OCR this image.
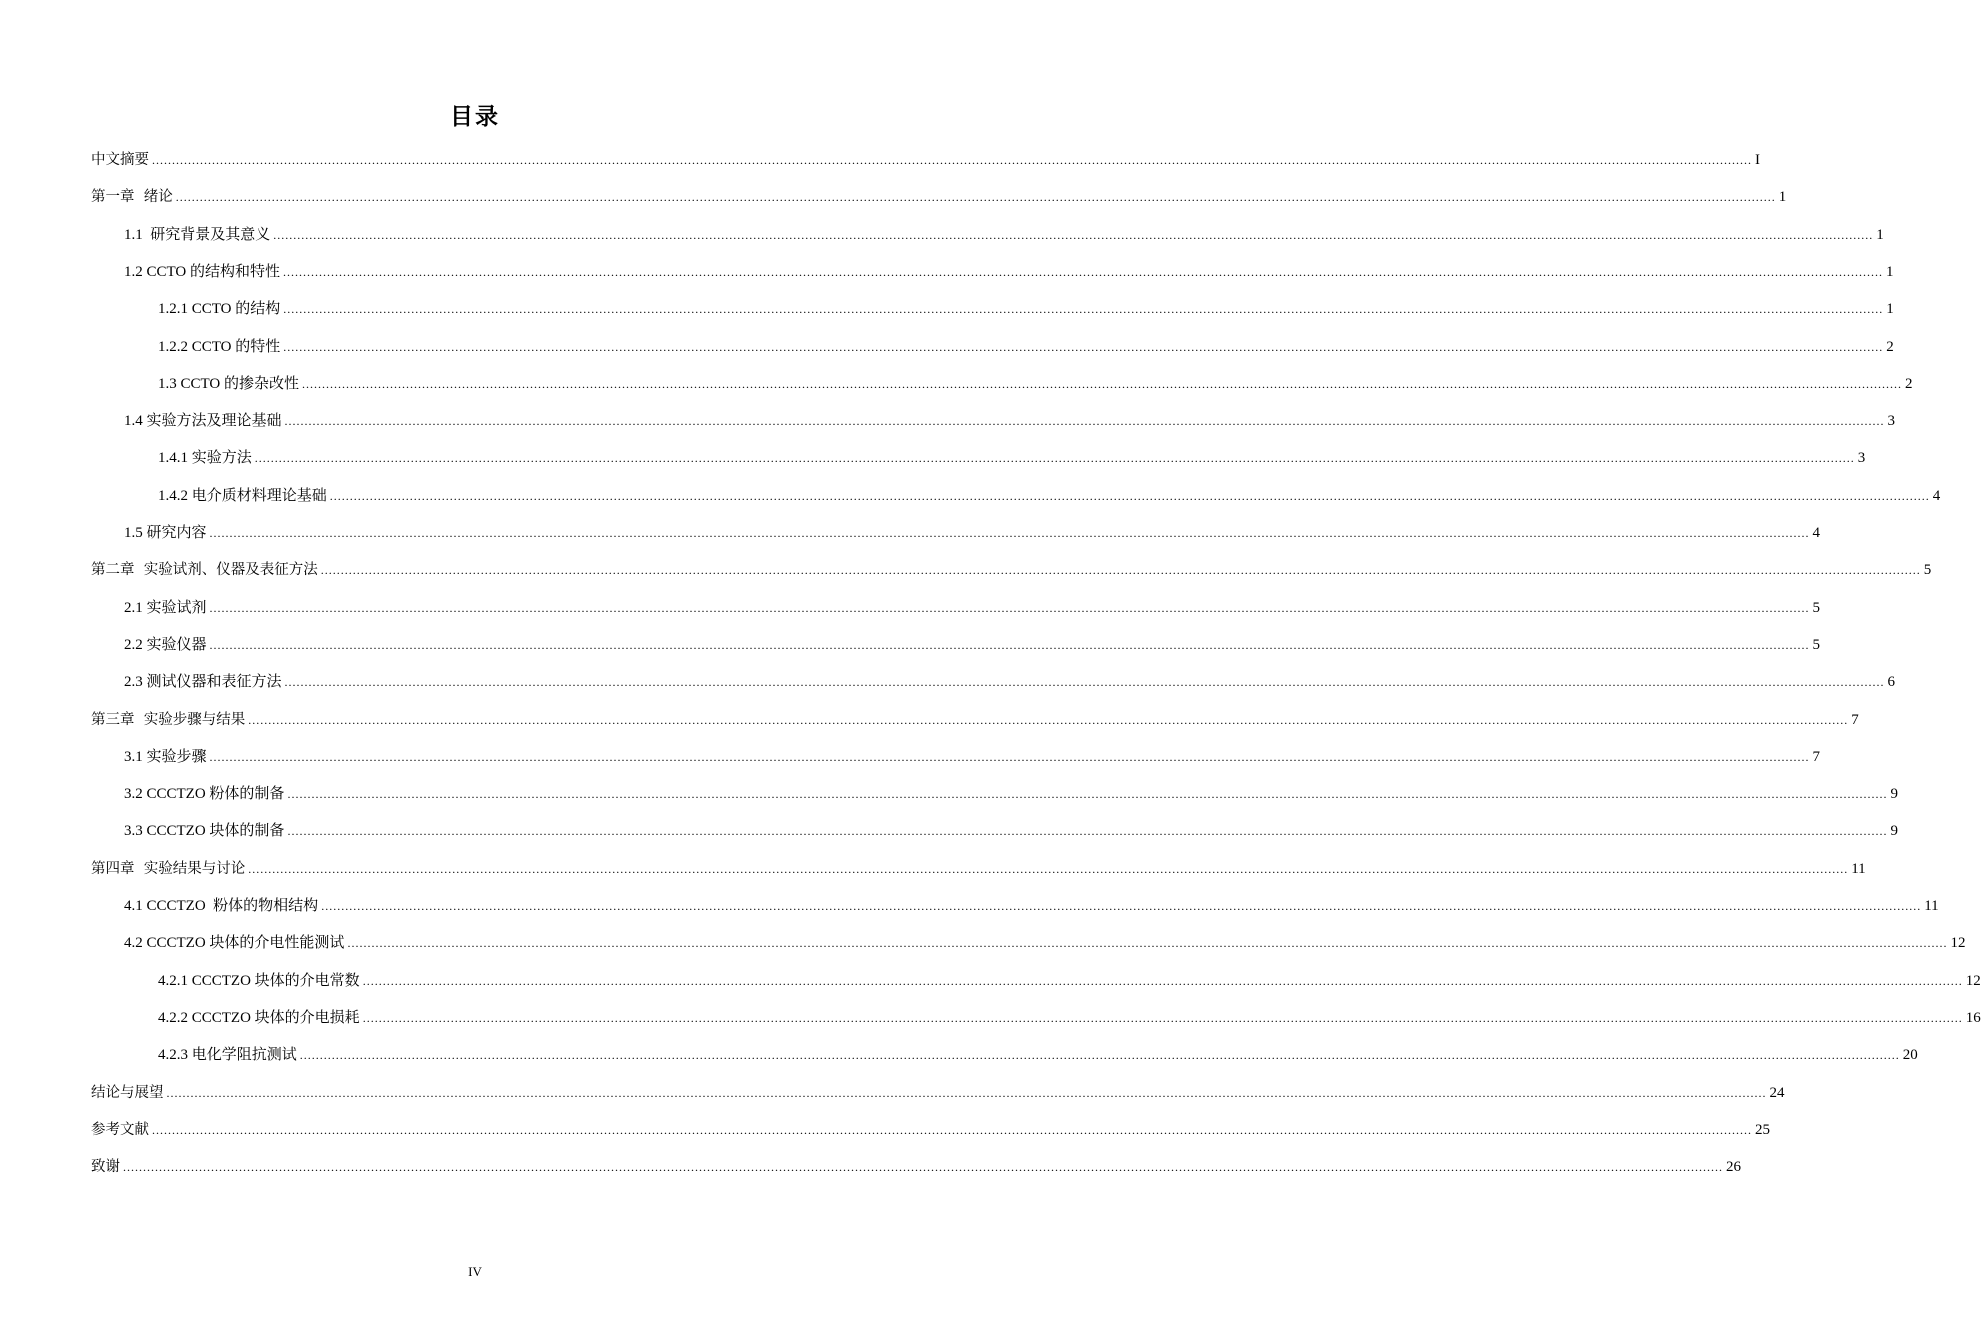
目录
中文摘要 ................................................................................................................................................................................................................................................................................................................................................................................................................ I
第一章  绪论 ................................................................................................................................................................................................................................................................................................................................................................................................................ 1
1.1  研究背景及其意义 ................................................................................................................................................................................................................................................................................................................................................................................................................ 1
1.2 CCTO 的结构和特性 ................................................................................................................................................................................................................................................................................................................................................................................................................ 1
1.2.1 CCTO 的结构 ................................................................................................................................................................................................................................................................................................................................................................................................................ 1
1.2.2 CCTO 的特性 ................................................................................................................................................................................................................................................................................................................................................................................................................ 2
1.3 CCTO 的掺杂改性 ................................................................................................................................................................................................................................................................................................................................................................................................................ 2
1.4 实验方法及理论基础 ................................................................................................................................................................................................................................................................................................................................................................................................................ 3
1.4.1 实验方法 ................................................................................................................................................................................................................................................................................................................................................................................................................ 3
1.4.2 电介质材料理论基础 ................................................................................................................................................................................................................................................................................................................................................................................................................ 4
1.5 研究内容 ................................................................................................................................................................................................................................................................................................................................................................................................................ 4
第二章  实验试剂、仪器及表征方法 ................................................................................................................................................................................................................................................................................................................................................................................................................ 5
2.1 实验试剂 ................................................................................................................................................................................................................................................................................................................................................................................................................ 5
2.2 实验仪器 ................................................................................................................................................................................................................................................................................................................................................................................................................ 5
2.3 测试仪器和表征方法 ................................................................................................................................................................................................................................................................................................................................................................................................................ 6
第三章  实验步骤与结果 ................................................................................................................................................................................................................................................................................................................................................................................................................ 7
3.1 实验步骤 ................................................................................................................................................................................................................................................................................................................................................................................................................ 7
3.2 CCCTZO 粉体的制备 ................................................................................................................................................................................................................................................................................................................................................................................................................ 9
3.3 CCCTZO 块体的制备 ................................................................................................................................................................................................................................................................................................................................................................................................................ 9
第四章  实验结果与讨论 ................................................................................................................................................................................................................................................................................................................................................................................................................ 11
4.1 CCCTZO  粉体的物相结构 ................................................................................................................................................................................................................................................................................................................................................................................................................ 11
4.2 CCCTZO 块体的介电性能测试 ................................................................................................................................................................................................................................................................................................................................................................................................................ 12
4.2.1 CCCTZO 块体的介电常数 ................................................................................................................................................................................................................................................................................................................................................................................................................ 12
4.2.2 CCCTZO 块体的介电损耗 ................................................................................................................................................................................................................................................................................................................................................................................................................ 16
4.2.3 电化学阻抗测试 ................................................................................................................................................................................................................................................................................................................................................................................................................ 20
结论与展望 ................................................................................................................................................................................................................................................................................................................................................................................................................ 24
参考文献 ................................................................................................................................................................................................................................................................................................................................................................................................................ 25
致谢 ................................................................................................................................................................................................................................................................................................................................................................................................................ 26
IV
